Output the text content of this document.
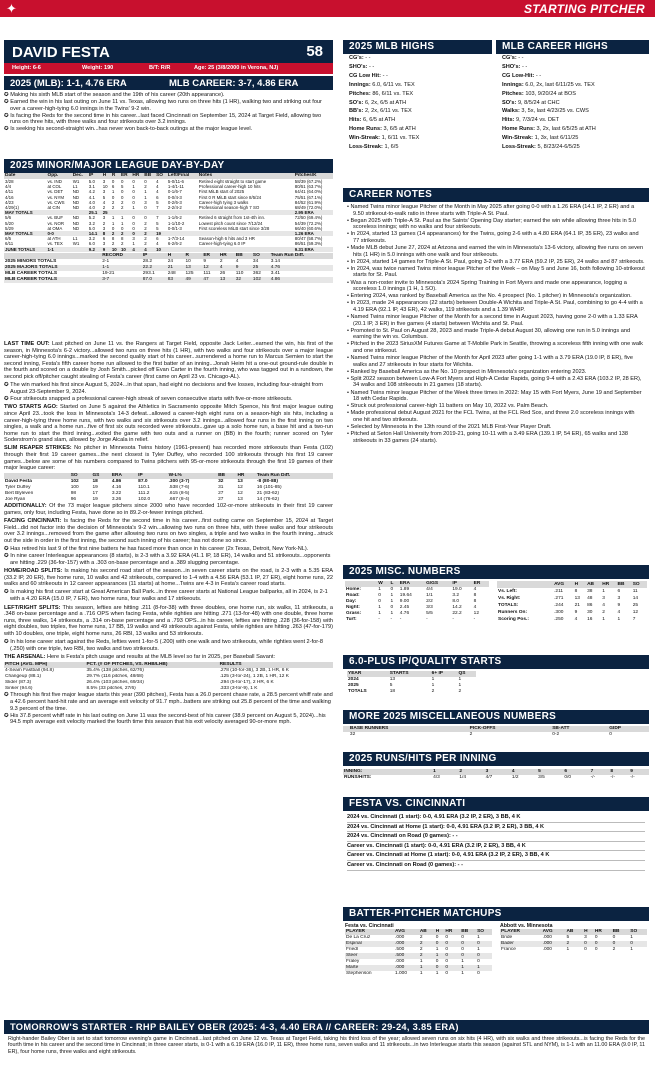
✦	STARTING PITCHER
DAVID FESTA	58
Height: 6-6	Weight: 190	B/T: R/R	Age: 25 (3/8/2000 in Verona, NJ)
2025 (MLB): 1-1, 4.76 ERA	MLB CAREER: 3-7, 4.86 ERA
✪ Making his sixth MLB start of the season and the 19th of his career (20th appearance).
✪ Earned the win in his last outing on June 11 vs. Texas, allowing two runs on three hits (1 HR), walking two and striking out four over a career-high-tying 6.0 innings in the Twins' 9-2 win.
✪ Is facing the Reds for the second time in his career...last faced Cincinnati on September 15, 2024 at Target Field, allowing two runs on three hits, with three walks and four strikeouts over 3.2 innings.
✪ Is seeking his second-straight win...has never won back-to-back outings at the major league level.
2025 MINOR/MAJOR LEAGUE DAY-BY-DAY
Date	Opp.	Dec.	IP	H	R	ER	HR	BB	SO	Left/Final	Notes	Pitches/K
3/28	vs. IND	W1	5.0	3	0	0	0	0	4	5-0/11-6	Retired eight straight to start game	58/39 (67.2%)
4/4	at COL	L1	3.1	10	6	5	1	2	4	1-4/1-11	Professional career-high 10 hits	80/51 (63.7%)
4/11	vs. DET	ND	4.2	3	1	0	0	1	4	0-1/6-7	First MiLB start of 2025	64/41 (64.0%)
4/16	vs. NYM	ND	4.1	5	0	0	0	1	6	0-0/4-3	First 0 R MiLB start since 8/5/24	75/51 (67.1%)
4/23	vs. CWS	ND	4.0	4	2	2	0	3	5	0-2/6-3	Career-high tying 3 walks	84/52 (61.9%)
4/29(1)	at CIN	ND	4.0	2	2	2	1	0	7	2-2/4-2	Professional season-high 7 SO	68/49 (72.0%)
MAY TOTALS			25.1	25								2.95 ERA
5/6	vs. BUF	ND	5.2	3	1	1	0	0	7	1-1/6-2	Retired 6 straight from 1st-4th inn.	72/50 (69.4%)
5/20	vs. NOR	ND	3.2	2	1	1	0	2	5	1-1/10-2	Lowest pitch count since 7/12/24	54/39 (72.2%)
5/29	at OMA	ND	5.0	3	0	0	0	2	5	0-0/1-3	First scoreless MiLB start since 3/28	66/40 (60.6%)
MAY TOTALS	0-0		14.1	8	2	2	0	2	19			1.26 ERA
6/5	at ATH	L1	3.2	6	8	8	3	2	6	1-7/3-14	Season-high 6 hits and 3 HR	80/47 (58.7%)
6/11	vs. TEX	W1	6.0	3	2	2	1	2	4	6-2/6-2	Career-high-tying 6.0 IP	86/51 (59.3%)
JUNE TOTALS	1-1		9.2	9	10	10	4	4	10			9.31 ERA
	RECORD	IP	H	R	ER	HR	BB	SO	Team Run Diff.
2025 MINORS TOTALS	2-1	28.2	24	10	9	2	4	34	3.14
2025 MAJORS TOTALS	1-1	22.2	21	13	12	4	9	25	4.76
MLB CAREER TOTALS	19-21	293.1	248	125	111	26	110	362	3.41
MLB CAREER TOTALS	3-7	87.0	83	49	47	13	32	102	4.86

LAST TIME OUT: Last pitched on June 11 vs. the Rangers at Target Field, opposite Jack Leiter...earned the win, his first of the season, in Minnesota's 6-2 victory...allowed two runs on three hits (1 HR), with two walks and four strikeouts over a major league career-high-tying 6.0 innings...marked the second quality start of his career...surrendered a home run to Marcus Semien to start the second inning, Festa's fifth career home run allowed to the first batter of an inning...Jonah Heim hit a one-out ground-rule double in the fourth and scored on a double by Josh Smith...picked off Evan Carter in the fourth inning, who was tagged out in a rundown, the second pick off/pitcher caught stealing of Festa's career (first came on April 23 vs. Chicago-AL).

✪ The win marked his first since August 5, 2024...in that span, had eight no decisions and five losses, including four-straight from August 23-September 9, 2024.
✪ Four strikeouts snapped a professional career-high streak of seven consecutive starts with five-or-more strikeouts.

TWO STARTS AGO: Started on June 5 against the Athletics in Sacramento opposite Mitch Spence, his first major league outing since April 23...took the loss in Minnesota's 14-3 defeat...allowed a career-high eight runs on a season-high six hits, including a career-high-tying three home runs, with two walks and six strikeouts over 3.2 innings...allowed four runs in the first inning on two singles, a walk and a home run...five of first six outs recorded were strikeouts...gave up a solo home run, a base hit and a two-run home run to start the third inning...exited the game with two outs and a runner on (BB) in the fourth; runner scored on Tyler Soderstrom's grand slam, allowed by Jorge Alcala in relief.

SLIM REAPER STRIKES: No pitcher in Minnesota Twins history (1961-present) has recorded more strikeouts than Festa (102) through their first 19 career games...the next closest is Tyler Duffey, who recorded 100 strikeouts through his first 19 career games...below are some of his numbers compared to Twins pitchers with 95-or-more strikeouts through the first 19 games of their major league career:

	SO	GS	ERA	IP	W-L%	BB	HR	Team Run Diff.
David Festa	102	18	4.86	87.0	.300 (3-7)	32	13	-8 (80-88)
Tyler Duffey	100	19	4.16	110.1	.538 (7-6)	31	12	16 (101-85)
Bert Blyleven	98	17	3.22	111.2	.615 (8-5)	27	12	21 (83-62)
Joe Ryan	96	19	3.26	102.0	.667 (8-4)	27	13	14 (76-62)

ADDITIONALLY: Of the 73 major league pitchers since 2000 who have recorded 102-or-more strikeouts in their first 19 career games, only four, including Festa, have done so in 89.2-or-fewer innings pitched.

FACING CINCINNATI: Is facing the Reds for the second time in his career...first outing came on September 15, 2024 at Target Field...did not factor into the decision of Minnesota's 9-2 win...allowing two runs on three hits, with three walks and four strikeouts over 3.2 innings...removed from the game after allowing two runs on two singles, a triple and two walks in the fourth inning...struck out the side in order in the first inning, the second such inning of his career; has not done so since.

✪ Has retired his last 9 of the first nine batters he has faced more than once in his career (2x Texas, Detroit, New York-NL).
✪ In nine career Interleague appearances (8 starts), is 2-3 with a 3.92 ERA (41.1 IP, 18 ER), 14 walks and 51 strikeouts...opponents are hitting .229 (36-for-157) with a .303 on-base percentage and a .389 slugging percentage.

HOME/ROAD SPLITS: Is making his second road start of the season...in seven career starts on the road, is 2-3 with a 5.35 ERA (33.2 IP, 20 ER), five home runs, 10 walks and 42 strikeouts, compared to 1-4 with a 4.56 ERA (53.1 IP, 27 ER), eight home runs, 22 walks and 60 strikeouts in 12 career appearances (11 starts) at home...Twins are 4-3 in Festa's career road starts.

✪ Is making his first career start at Great American Ball Park...in three career starts at National League ballparks, all in 2024, is 2-1 with a 4.20 ERA (15.0 IP, 7 ER), two home runs, four walks and 17 strikeouts.

LEFT/RIGHT SPLITS: This season, lefties are hitting .211 (8-for-38) with three doubles, one home run, six walks, 11 strikeouts, a .348 on-base percentage and a .716 OPS when facing Festa, while righties are hitting .271 (13-for-48) with one double, three home runs, three walks, 14 strikeouts, a .314 on-base percentage and a .793 OPS...in his career, lefties are hitting .228 (36-for-158) with eight doubles, two triples, five home runs, 17 BB, 19 walks and 49 strikeouts against Festa, while righties are hitting .263 (47-for-179) with 10 doubles, one triple, eight home runs, 26 RBI, 13 walks and 53 strikeouts.

✪ In his lone career start against the Reds, lefties went 1-for-5 (.200) with one walk and two strikeouts, while righties went 2-for-8 (.250) with one triple, two RBI, two walks and two strikeouts.

THE ARSENAL: Here is Festa's pitch usage and results at the MLB level so far in 2025, per Baseball Savant:

PITCH (AVG. MPH)	PCT. (# OF PITCHES, VS. RHB/LHB)	RESULTS
4-Seam Fastball (94.8)	35.4% (138 pitches, 62/76)	.278 (10-for-36), 3 2B, 1 HR, 6 K
Changeup (88.1)	29.7% (116 pitches, 48/68)	.125 (3-for-24), 1 2B, 1 HR, 12 K
Slider (87.3)	26.4% (103 pitches, 69/34)	.294 (5-for-17), 2 HR, 6 K
Sinker (94.6)	8.5% (33 pitches, 27/6)	.333 (3-for-9), 1 K
✪ Through his first five major league starts this year (390 pitches), Festa has a 26.0 percent chase rate, a 28.5 percent whiff rate and a 42.6 percent hard-hit rate and an average exit velocity of 91.7 mph...batters are striking out 25.8 percent of the time and walking 9.3 percent of the time.
✪ His 37.8 percent whiff rate in his last outing on June 11 was the second-best of his career (38.9 percent on August 5, 2024)...his 94.5 mph average exit velocity marked the fourth time this season that his exit velocity averaged 90-or-more mph.
2025 MLB HIGHS
CG's: - -
SHO's: - -
CG Low Hit: - -
Innings: 6.0, 6/11 vs. TEX
Pitches: 86, 6/11 vs. TEX
SO's: 6, 2x, 6/5 at ATH
BB's: 2, 2x, 6/11 vs. TEX
Hits: 6, 6/5 at ATH
Home Runs: 3, 6/5 at ATH
Win-Streak: 1, 6/11 vs. TEX
Loss-Streak: 1, 6/5
MLB CAREER HIGHS
CG's: - -
SHO's: - -
CG Low-Hit: - -
Innings: 6.0, 2x, last 6/11/25 vs. TEX
Pitches: 103, 9/20/24 at BOS
SO's: 9, 8/5/24 at CHC
Walks: 3, 5x, last 4/23/25 vs. CWS
Hits: 9, 7/3/24 vs. DET
Home Runs: 3, 2x, last 6/5/25 at ATH
Win-Streak: 1, 3x, last 6/11/25
Loss-Streak: 5, 8/23/24-6/5/25
CAREER NOTES
• Named Twins minor league Pitcher of the Month in May 2025 after going 0-0 with a 1.26 ERA (14.1 IP, 2 ER) and a 9.50 strikeout-to-walk ratio in three starts with Triple-A St. Paul.
• Began 2025 with Triple-A St. Paul as the Saints' Opening Day starter; earned the win while allowing three hits in 5.0 scoreless innings; with no walks and four strikeouts.
• In 2024, started 13 games (14 appearances) for the Twins, going 2-6 with a 4.80 ERA (64.1 IP, 35 ER), 23 walks and 77 strikeouts.
• Made MLB debut June 27, 2024 at Arizona and earned the win in Minnesota's 13-6 victory, allowing five runs on seven hits (1 HR) in 5.0 innings with one walk and four strikeouts.
• In 2024, started 14 games for Triple-A St. Paul, going 3-2 with a 3.77 ERA (59.2 IP, 25 ER), 24 walks and 87 strikeouts.
• In 2024, was twice named Twins minor league Pitcher of the Week – on May 5 and June 16, both following 10-strikeout starts for St. Paul.
• Was a non-roster invite to Minnesota's 2024 Spring Training in Fort Myers and made one appearance, logging a scoreless 1.0 innings (1 H, 1 SO).
• Entering 2024, was ranked by Baseball America as the No. 4 prospect (No. 1 pitcher) in Minnesota's organization.
• In 2023, made 24 appearances (22 starts) between Double-A Wichita and Triple-A St. Paul, combining to go 4-4 with a 4.19 ERA (92.1 IP, 43 ER), 42 walks, 119 strikeouts and a 1.39 WHIP.
• Named Twins minor league Pitcher of the Month for a second time in August 2023, having gone 2-0 with a 1.33 ERA (20.1 IP, 3 ER) in five games (4 starts) between Wichita and St. Paul.
• Promoted to St. Paul on August 28, 2023 and made Triple-A debut August 30, allowing one run in 5.0 innings and earning the win vs. Columbus.
• Pitched in the 2023 SiriusXM Futures Game at T-Mobile Park in Seattle, throwing a scoreless fifth inning with one walk and one strikeout.
• Named Twins minor league Pitcher of the Month for April 2023 after going 1-1 with a 3.79 ERA (19.0 IP, 8 ER), five walks and 27 strikeouts in four starts for Wichita.
• Ranked by Baseball America as the No. 10 prospect in Minnesota's organization entering 2023.
• Split 2022 season between Low-A Fort Myers and High-A Cedar Rapids, going 9-4 with a 2.43 ERA (103.2 IP, 28 ER), 34 walks and 108 strikeouts in 21 games (18 starts).
• Named Twins minor league Pitcher of the Week three times in 2022: May 15 with Fort Myers, June 19 and September 18 with Cedar Rapids.
• Struck out professional career-high 11 batters on May 10, 2022 vs. Palm Beach.
• Made professional debut August 2021 for the FCL Twins, at the FCL Red Sox, and threw 2.0 scoreless innings with one hit and two strikeouts.
• Selected by Minnesota in the 13th round of the 2021 MLB First-Year Player Draft.
• Pitched at Seton Hall University from 2019-21, going 10-11 with a 3.49 ERA (139.1 IP, 54 ER), 65 walks and 138 strikeouts in 33 games (24 starts).
2025 MISC. NUMBERS
	W	L	ERA	G/GS	IP	ER
Home:	1	0	1.89	4/4	19.0	4
Road:	0	1	19.64	1/1	3.2	8
Day:	0	1	9.00	2/2	8.0	8
Night:	1	0	2.45	3/3	14.2	4
Grass:	1	1	4.76	5/5	22.2	12
Turf:	-	-	-	-	-	-
	AVG	H	AB	HR	BB	SO
Vs. Left:	.211	8	38	1	6	11
Vs. Right:	.271	13	48	3	3	14
TOTALS:	.244	21	86	4	9	25

Runners On:	.300	9	30	2	4	12
Scoring Pos.:	.250	4	16	1	1	7
6.0-PLUS IP/QUALITY STARTS
YEAR	STARTS	6+ IP	QS
2024	13	1	1
2025	5	1	1
TOTALS	18	2	2
MORE 2025 MISCELLANEOUS NUMBERS
	BASE RUNNERS	PICK-OFFS	SB-ATT	GIDP
	32	2	0-2	0
2025 RUNS/HITS PER INNING
INNING:	1	2	3	4	5	6	7	8	9
RUNS/HITS:	4/3	1/4	4/7	1/2	3/5	0/0	-/-	-/-	-/-
FESTA VS. CINCINNATI
2024 vs. Cincinnati (1 start): 0-0, 4.91 ERA (3.2 IP, 2 ER), 3 BB, 4 K
2024 vs. Cincinnati at Home (1 start): 0-0, 4.91 ERA (3.2 IP, 2 ER), 3 BB, 4 K
2024 vs. Cincinnati on Road (0 games): - -
Career vs. Cincinnati (1 start): 0-0, 4.91 ERA (3.2 IP, 2 ER), 3 BB, 4 K
Career vs. Cincinnati at Home (1 start): 0-0, 4.91 ERA (3.2 IP, 2 ER), 3 BB, 4 K
Career vs. Cincinnati on Road (0 games): - -
BATTER-PITCHER MATCHUPS
Festa vs. Cincinnati
PLAYER	AVG	AB	H	HR	BB	SO
De La Cruz	.000	2	0	0	0	1
Espinal	.000	2	0	0	0	0
Friedl	.500	2	1	0	0	1
Steer	.500	2	1	0	0	0
Fraley	.000	1	0	0	1	0
Marte	.000	1	0	0	1	1
Stephenson	1.000	1	1	0	1	0
Abbott vs. Minnesota
PLAYER	AVG	AB	H	HR	BB	SO
Bride	.000	5	3	0	0	1
Bader	.000	2	0	0	0	0
France	.000	1	0	0	2	1
TOMORROW'S STARTER - RHP BAILEY OBER (2025: 4-3, 4.40 ERA // CAREER: 29-24, 3.85 ERA)
Right-hander Bailey Ober is set to start tomorrow evening's game in Cincinnati...last pitched on June 12 vs. Texas at Target Field, taking his third loss of the year; allowed seven runs on six hits (4 HR), with six walks and three strikeouts...is facing the Reds for the fourth time in his career and the second time in Cincinnati; in three career starts, is 0-1 with a 6.19 ERA (16.0 IP, 11 ER), three home runs, seven walks and 11 strikeouts...in two Interleague starts this season (against STL and NYM), is 1-1 with an 11.00 ERA (9.0 IP, 11 ER), four home runs, three walks and eight strikeouts.
